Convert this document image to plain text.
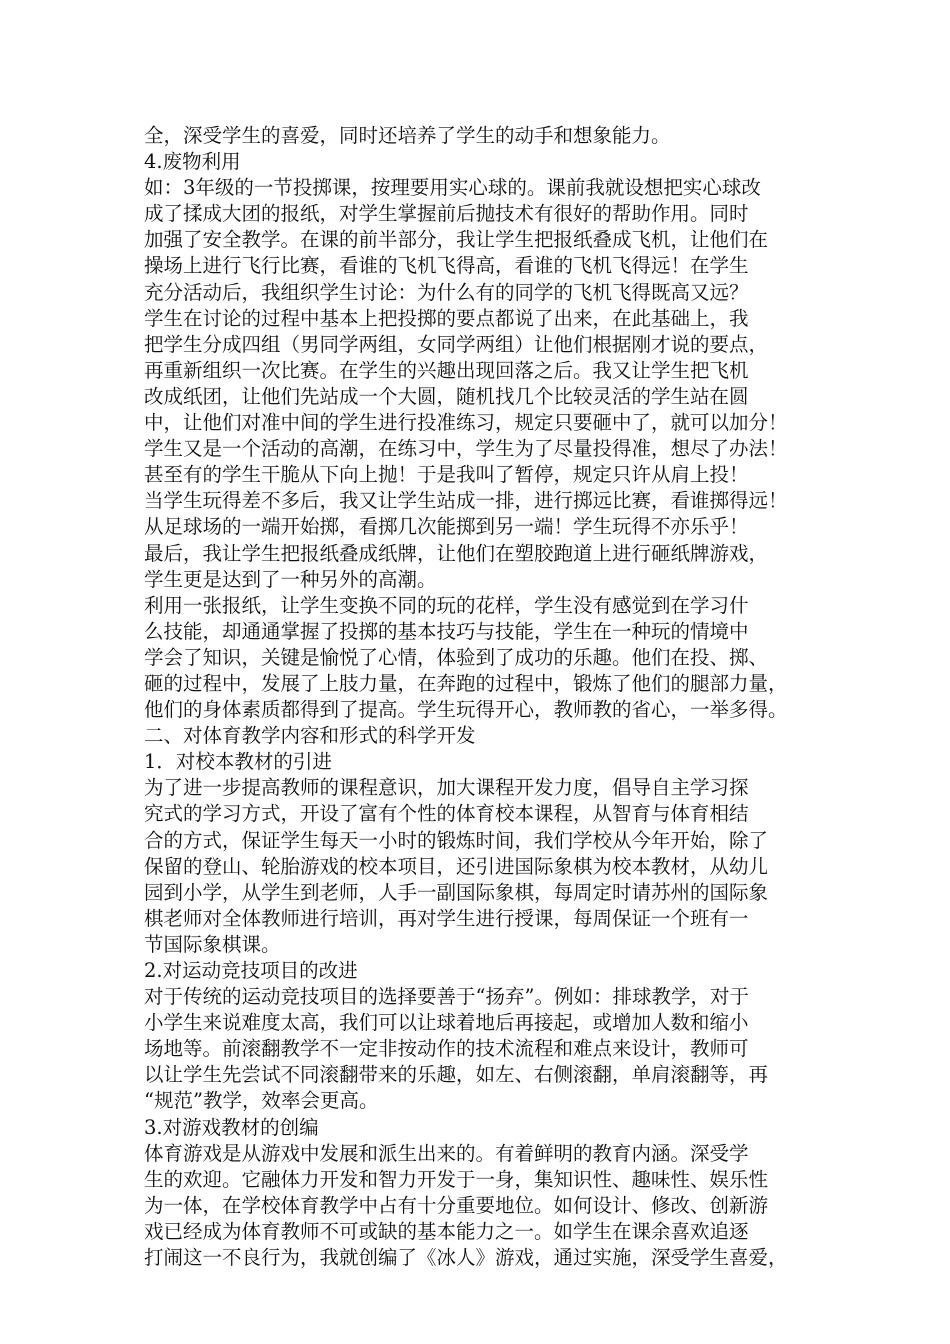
全，深受学生的喜爱，同时还培养了学生的动手和想象能力。
4.废物利用
如：3年级的一节投掷课，按理要用实心球的。课前我就设想把实心球改
成了揉成大团的报纸，对学生掌握前后抛技术有很好的帮助作用。同时
加强了安全教学。在课的前半部分，我让学生把报纸叠成飞机，让他们在
操场上进行飞行比赛，看谁的飞机飞得高，看谁的飞机飞得远！在学生
充分活动后，我组织学生讨论：为什么有的同学的飞机飞得既高又远？
学生在讨论的过程中基本上把投掷的要点都说了出来，在此基础上，我
把学生分成四组（男同学两组，女同学两组）让他们根据刚才说的要点，
再重新组织一次比赛。在学生的兴趣出现回落之后。我又让学生把飞机
改成纸团，让他们先站成一个大圆，随机找几个比较灵活的学生站在圆
中，让他们对准中间的学生进行投准练习，规定只要砸中了，就可以加分！
学生又是一个活动的高潮，在练习中，学生为了尽量投得准，想尽了办法！
甚至有的学生干脆从下向上抛！于是我叫了暂停，规定只许从肩上投！
当学生玩得差不多后，我又让学生站成一排，进行掷远比赛，看谁掷得远！
从足球场的一端开始掷，看掷几次能掷到另一端！学生玩得不亦乐乎！
最后，我让学生把报纸叠成纸牌，让他们在塑胶跑道上进行砸纸牌游戏，
学生更是达到了一种另外的高潮。
利用一张报纸，让学生变换不同的玩的花样，学生没有感觉到在学习什
么技能，却通通掌握了投掷的基本技巧与技能，学生在一种玩的情境中
学会了知识，关键是愉悦了心情，体验到了成功的乐趣。他们在投、掷、
砸的过程中，发展了上肢力量，在奔跑的过程中，锻炼了他们的腿部力量，
他们的身体素质都得到了提高。学生玩得开心，教师教的省心，一举多得。
二、对体育教学内容和形式的科学开发
1．对校本教材的引进
为了进一步提高教师的课程意识，加大课程开发力度，倡导自主学习探
究式的学习方式，开设了富有个性的体育校本课程，从智育与体育相结
合的方式，保证学生每天一小时的锻炼时间，我们学校从今年开始，除了
保留的登山、轮胎游戏的校本项目，还引进国际象棋为校本教材，从幼儿
园到小学，从学生到老师，人手一副国际象棋，每周定时请苏州的国际象
棋老师对全体教师进行培训，再对学生进行授课，每周保证一个班有一
节国际象棋课。
2.对运动竞技项目的改进
对于传统的运动竞技项目的选择要善于“扬弃”。例如：排球教学，对于
小学生来说难度太高，我们可以让球着地后再接起，或增加人数和缩小
场地等。前滚翻教学不一定非按动作的技术流程和难点来设计，教师可
以让学生先尝试不同滚翻带来的乐趣，如左、右侧滚翻，单肩滚翻等，再
“规范”教学，效率会更高。
3.对游戏教材的创编
体育游戏是从游戏中发展和派生出来的。有着鲜明的教育内涵。深受学
生的欢迎。它融体力开发和智力开发于一身，集知识性、趣味性、娱乐性
为一体，在学校体育教学中占有十分重要地位。如何设计、修改、创新游
戏已经成为体育教师不可或缺的基本能力之一。如学生在课余喜欢追逐
打闹这一不良行为，我就创编了《冰人》游戏，通过实施，深受学生喜爱，
